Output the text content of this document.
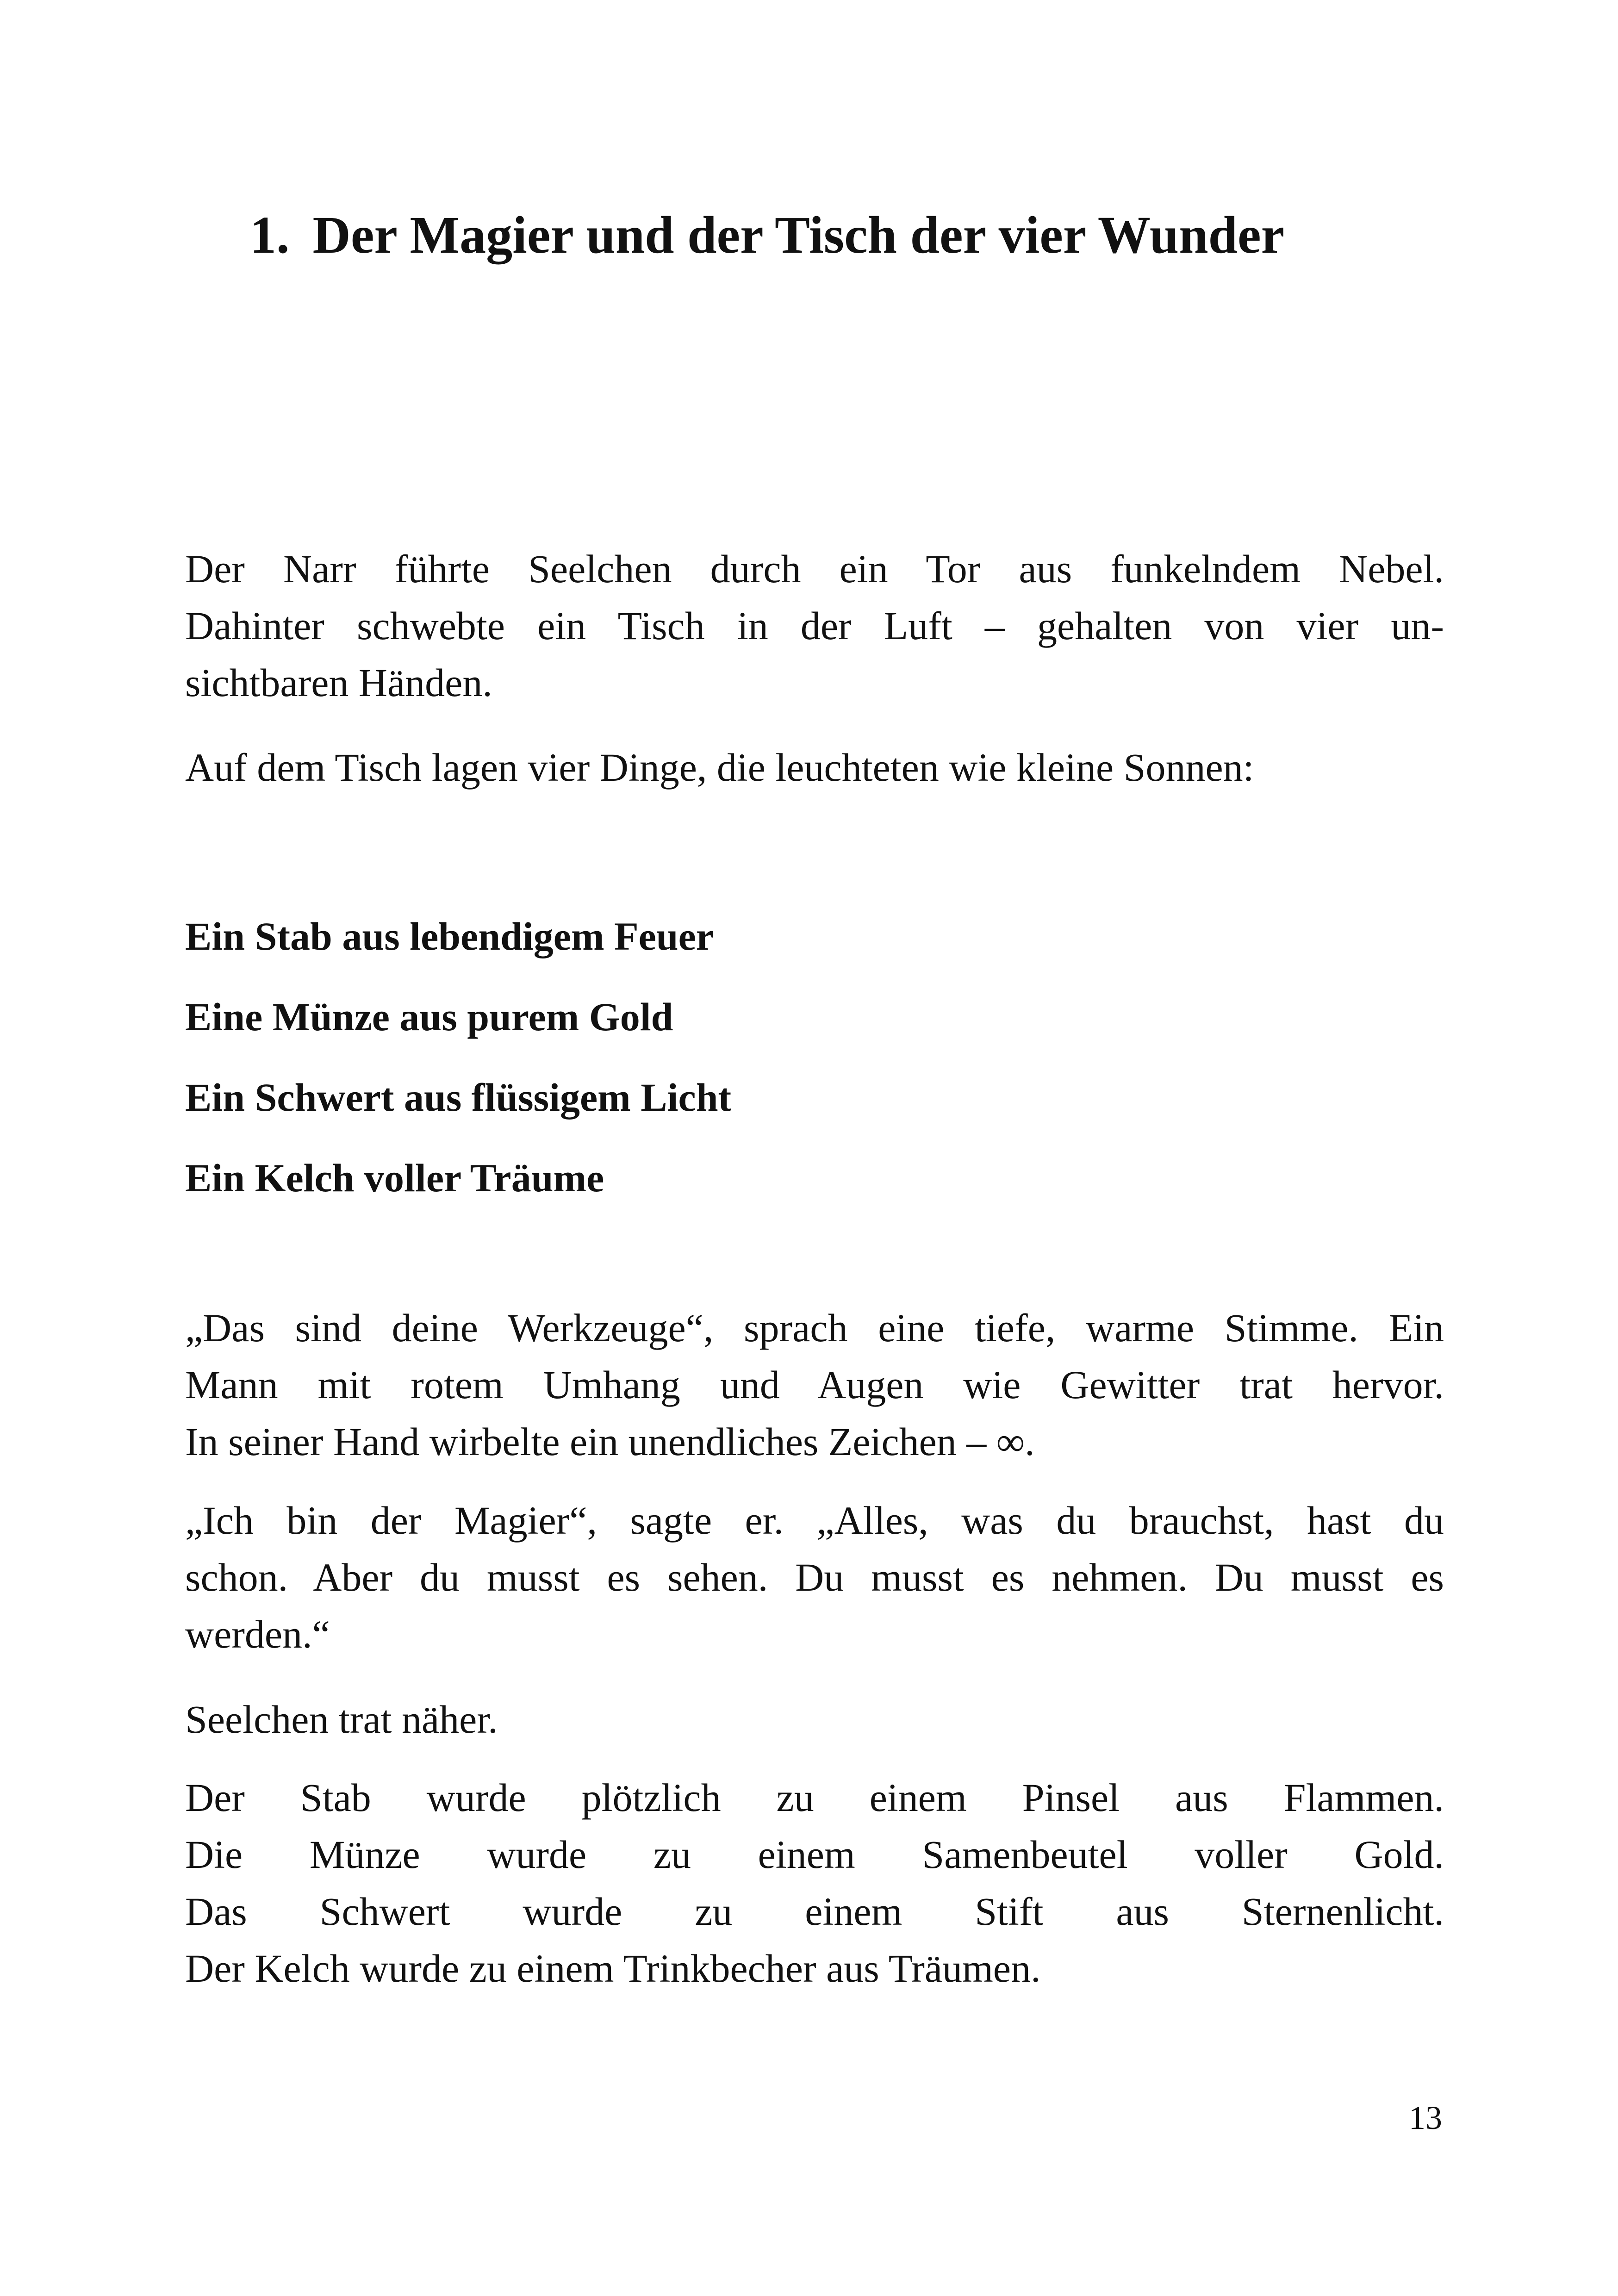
1. Der Magier und der Tisch der vier Wunder
Der Narr führte Seelchen durch ein Tor aus funkelndem Nebel.
Dahinter schwebte ein Tisch in der Luft – gehalten von vier un-
sichtbaren Händen.

Auf dem Tisch lagen vier Dinge, die leuchteten wie kleine Sonnen:

Ein Stab aus lebendigem Feuer
Eine Münze aus purem Gold
Ein Schwert aus flüssigem Licht
Ein Kelch voller Träume
„Das sind deine Werkzeuge“, sprach eine tiefe, warme Stimme. Ein
Mann mit rotem Umhang und Augen wie Gewitter trat hervor.
In seiner Hand wirbelte ein unendliches Zeichen – ∞.
„Ich bin der Magier“, sagte er. „Alles, was du brauchst, hast du
schon. Aber du musst es sehen. Du musst es nehmen. Du musst es
werden.“

Seelchen trat näher.

Der Stab wurde plötzlich zu einem Pinsel aus Flammen.
Die Münze wurde zu einem Samenbeutel voller Gold.
Das Schwert wurde zu einem Stift aus Sternenlicht.
Der Kelch wurde zu einem Trinkbecher aus Träumen.
13
